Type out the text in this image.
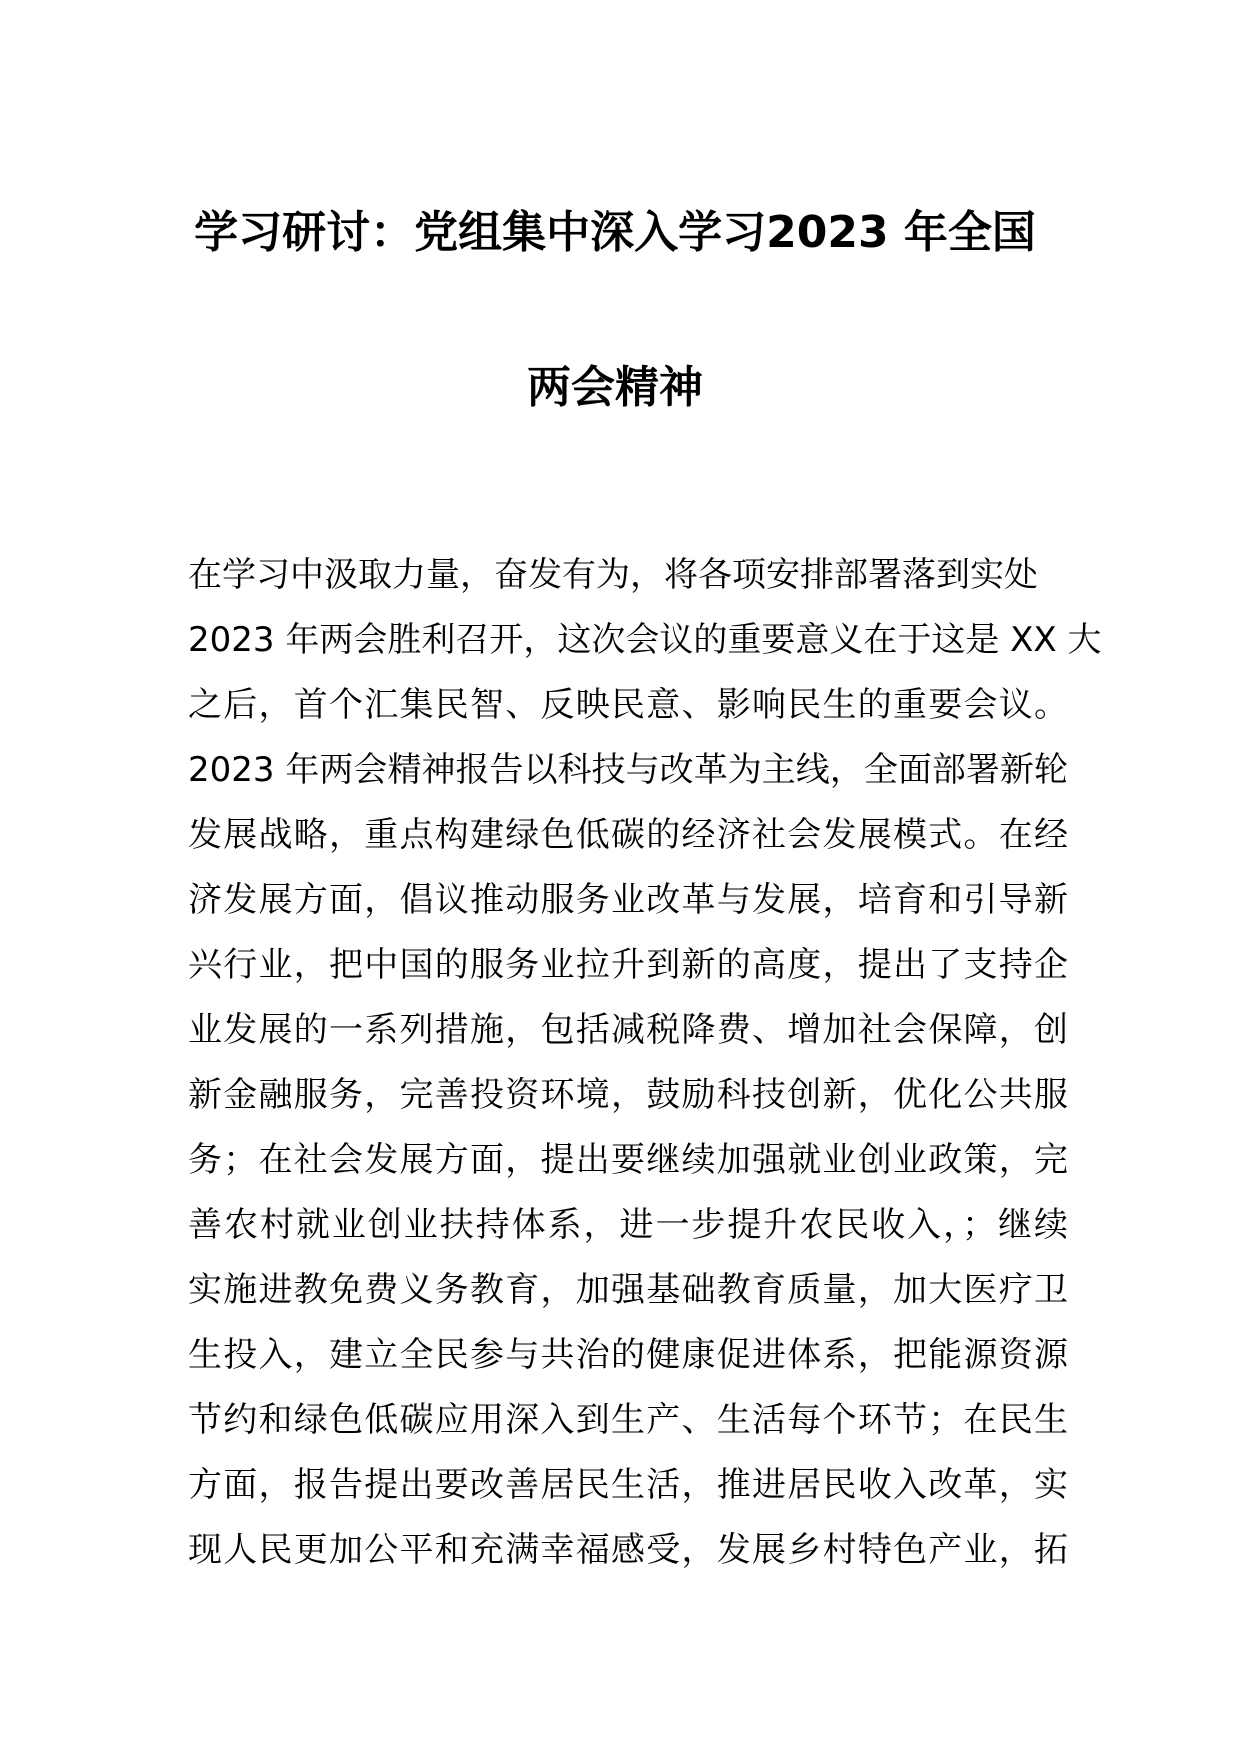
学习研讨：党组集中深入学习2023 年全国
两会精神
在学习中汲取力量，奋发有为，将各项安排部署落到实处
2023 年两会胜利召开，这次会议的重要意义在于这是 XX 大
之后，首个汇集民智、反映民意、影响民生的重要会议。
2023 年两会精神报告以科技与改革为主线，全面部署新轮
发展战略，重点构建绿色低碳的经济社会发展模式。在经
济发展方面，倡议推动服务业改革与发展，培育和引导新
兴行业，把中国的服务业拉升到新的高度，提出了支持企
业发展的一系列措施，包括减税降费、增加社会保障，创
新金融服务，完善投资环境，鼓励科技创新，优化公共服
务；在社会发展方面，提出要继续加强就业创业政策，完
善农村就业创业扶持体系，进一步提升农民收入，；继续
实施进教免费义务教育，加强基础教育质量，加大医疗卫
生投入，建立全民参与共治的健康促进体系，把能源资源
节约和绿色低碳应用深入到生产、生活每个环节；在民生
方面，报告提出要改善居民生活，推进居民收入改革，实
现人民更加公平和充满幸福感受，发展乡村特色产业，拓
